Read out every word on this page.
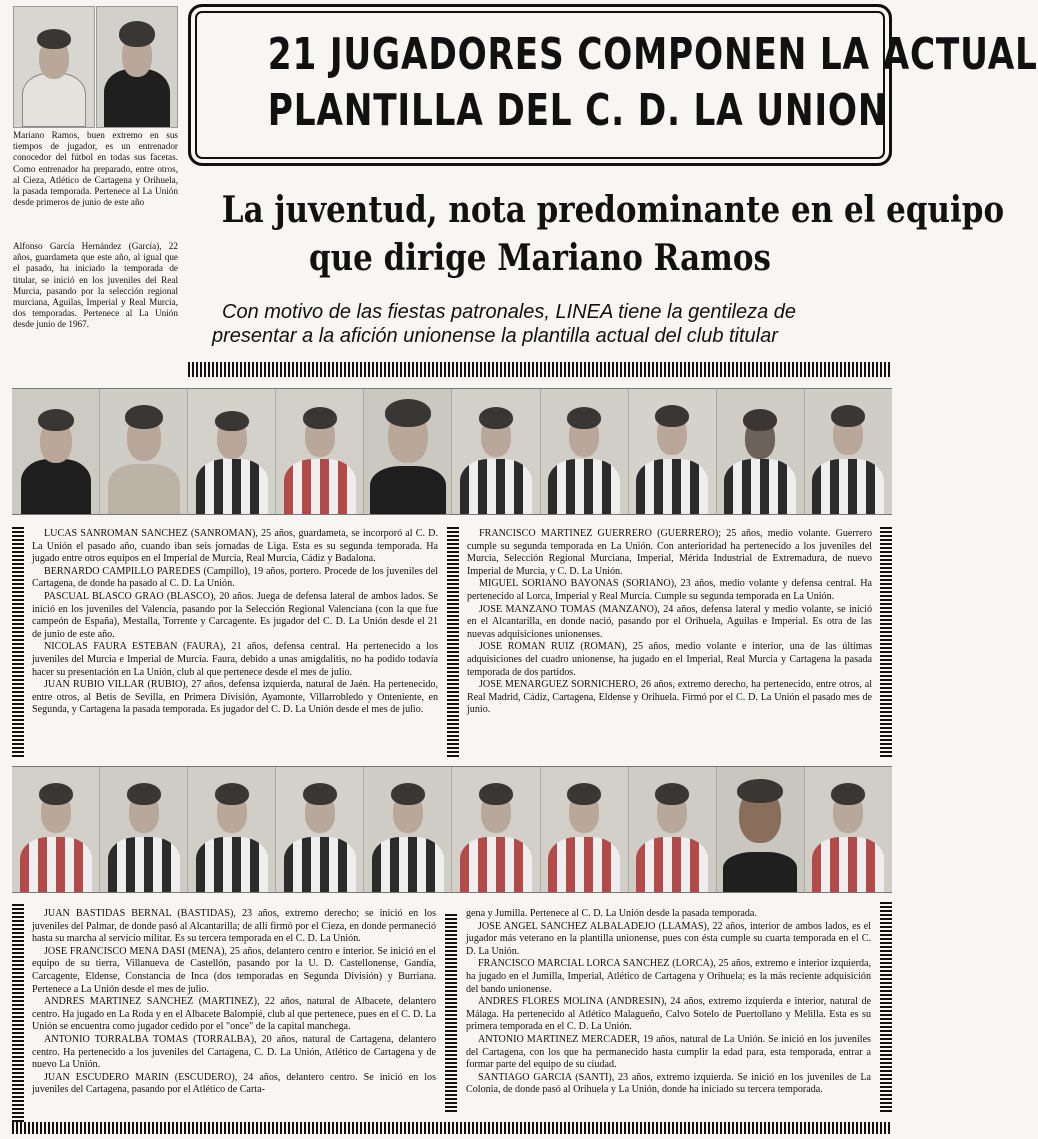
Mariano Ramos, buen extremo en sus tiempos de jugador, es un entrenador conocedor del fútbol en todas sus facetas. Como entrenador ha preparado, entre otros, al Cieza, Atlético de Cartagena y Orihuela, la pasada temporada. Pertenece al La Unión desde primeros de junio de este año
Alfonso García Hernández (García), 22 años, guardameta que este año, al igual que el pasado, ha iniciado la temporada de titular, se inició en los juveniles del Real Murcia, pasando por la selección regional murciana, Aguilas, Imperial y Real Murcia, dos temporadas. Pertenece al La Unión desde junio de 1967.
21 JUGADORES COMPONEN LA ACTUAL
PLANTILLA DEL C. D. LA UNION
La juventud, nota predominante en el equipo
que dirige Mariano Ramos
Con motivo de las fiestas patronales, LINEA tiene la gentileza de
presentar a la afición unionense la plantilla actual del club titular

LUCAS SANROMAN SANCHEZ (SANROMAN), 25 años, guardameta, se incorporó al C. D. La Unión el pasado año, cuando iban seis jornadas de Liga. Esta es su segunda temporada. Ha jugado entre otros equipos en el Imperial de Murcia, Real Murcia, Cádiz y Badalona.

BERNARDO CAMPILLO PAREDES (Campillo), 19 años, portero. Procede de los juveniles del Cartagena, de donde ha pasado al C. D. La Unión.

PASCUAL BLASCO GRAO (BLASCO), 20 años. Juega de defensa lateral de ambos lados. Se inició en los juveniles del Valencia, pasando por la Selección Regional Valenciana (con la que fue campeón de España), Mestalla, Torrente y Carcagente. Es jugador del C. D. La Unión desde el 21 de junio de este año.

NICOLAS FAURA ESTEBAN (FAURA), 21 años, defensa central. Ha pertenecido a los juveniles del Murcia e Imperial de Murcia. Faura, debido a unas amigdalitis, no ha podido todavía hacer su presentación en La Unión, club al que pertenece desde el mes de julio.

JUAN RUBIO VILLAR (RUBIO), 27 años, defensa izquierda, natural de Jaén. Ha pertenecido, entre otros, al Betis de Sevilla, en Primera División, Ayamonte, Villarrobledo y Onteniente, en Segunda, y Cartagena la pasada temporada. Es jugador del C. D. La Unión desde el mes de julio.

FRANCISCO MARTINEZ GUERRERO (GUERRERO); 25 años, medio volante. Guerrero cumple su segunda temporada en La Unión. Con anterioridad ha pertenecido a los juveniles del Murcia, Selección Regional Murciana, Imperial, Mérida Industrial de Extremadura, de nuevo Imperial de Murcia, y C. D. La Unión.

MIGUEL SORIANO BAYONAS (SORIANO), 23 años, medio volante y defensa central. Ha pertenecido al Lorca, Imperial y Real Murcia. Cumple su segunda temporada en La Unión.

JOSE MANZANO TOMAS (MANZANO), 24 años, defensa lateral y medio volante, se inició en el Alcantarilla, en donde nació, pasando por el Orihuela, Aguilas e Imperial. Es otra de las nuevas adquisiciones unionenses.

JOSE ROMAN RUIZ (ROMAN), 25 años, medio volante e interior, una de las últimas adquisiciones del cuadro unionense, ha jugado en el Imperial, Real Murcia y Cartagena la pasada temporada de dos partidos.

JOSE MENARGUEZ SORNICHERO, 26 años, extremo derecho, ha pertenecido, entre otros, al Real Madrid, Cádiz, Cartagena, Eldense y Orihuela. Firmó por el C. D. La Unión el pasado mes de junio.

JUAN BASTIDAS BERNAL (BASTIDAS), 23 años, extremo derecho; se inició en los juveniles del Palmar, de donde pasó al Alcantarilla; de allí firmó por el Cieza, en donde permaneció hasta su marcha al servicio militar. Es su tercera temporada en el C. D. La Unión.

JOSE FRANCISCO MENA DASI (MENA), 25 años, delantero centro e interior. Se inició en el equipo de su tierra, Villanueva de Castellón, pasando por la U. D. Castellonense, Gandía, Carcagente, Eldense, Constancia de Inca (dos temporadas en Segunda División) y Burriana. Pertenece a La Unión desde el mes de julio.

ANDRES MARTINEZ SANCHEZ (MARTINEZ), 22 años, natural de Albacete, delantero centro. Ha jugado en La Roda y en el Albacete Balompié, club al que pertenece, pues en el C. D. La Unión se encuentra como jugador cedido por el "once" de la capital manchega.

ANTONIO TORRALBA TOMAS (TORRALBA), 20 años, natural de Cartagena, delantero centro. Ha pertenecido a los juveniles del Cartagena, C. D. La Unión, Atlético de Cartagena y de nuevo La Unión.

JUAN ESCUDERO MARIN (ESCUDERO), 24 años, delantero centro. Se inició en los juveniles del Cartagena, pasando por el Atlético de Carta-

gena y Jumilla. Pertenece al C. D. La Unión desde la pasada temporada.

JOSE ANGEL SANCHEZ ALBALADEJO (LLAMAS), 22 años, interior de ambos lados, es el jugador más veterano en la plantilla unionense, pues con ésta cumple su cuarta temporada en el C. D. La Unión.

FRANCISCO MARCIAL LORCA SANCHEZ (LORCA), 25 años, extremo e interior izquierda, ha jugado en el Jumilla, Imperial, Atlético de Cartagena y Orihuela; es la más reciente adquisición del bando unionense.

ANDRES FLORES MOLINA (ANDRESIN), 24 años, extremo izquierda e interior, natural de Málaga. Ha pertenecido al Atlético Malagueño, Calvo Sotelo de Puertollano y Melilla. Esta es su primera temporada en el C. D. La Unión.

ANTONIO MARTINEZ MERCADER, 19 años, natural de La Unión. Se inició en los juveniles del Cartagena, con los que ha permanecido hasta cumplir la edad para, esta temporada, entrar a formar parte del equipo de su ciudad.

SANTIAGO GARCIA (SANTI), 23 años, extremo izquierda. Se inició en los juveniles de La Colonia, de donde pasó al Orihuela y La Unión, donde ha iniciado su tercera temporada.
